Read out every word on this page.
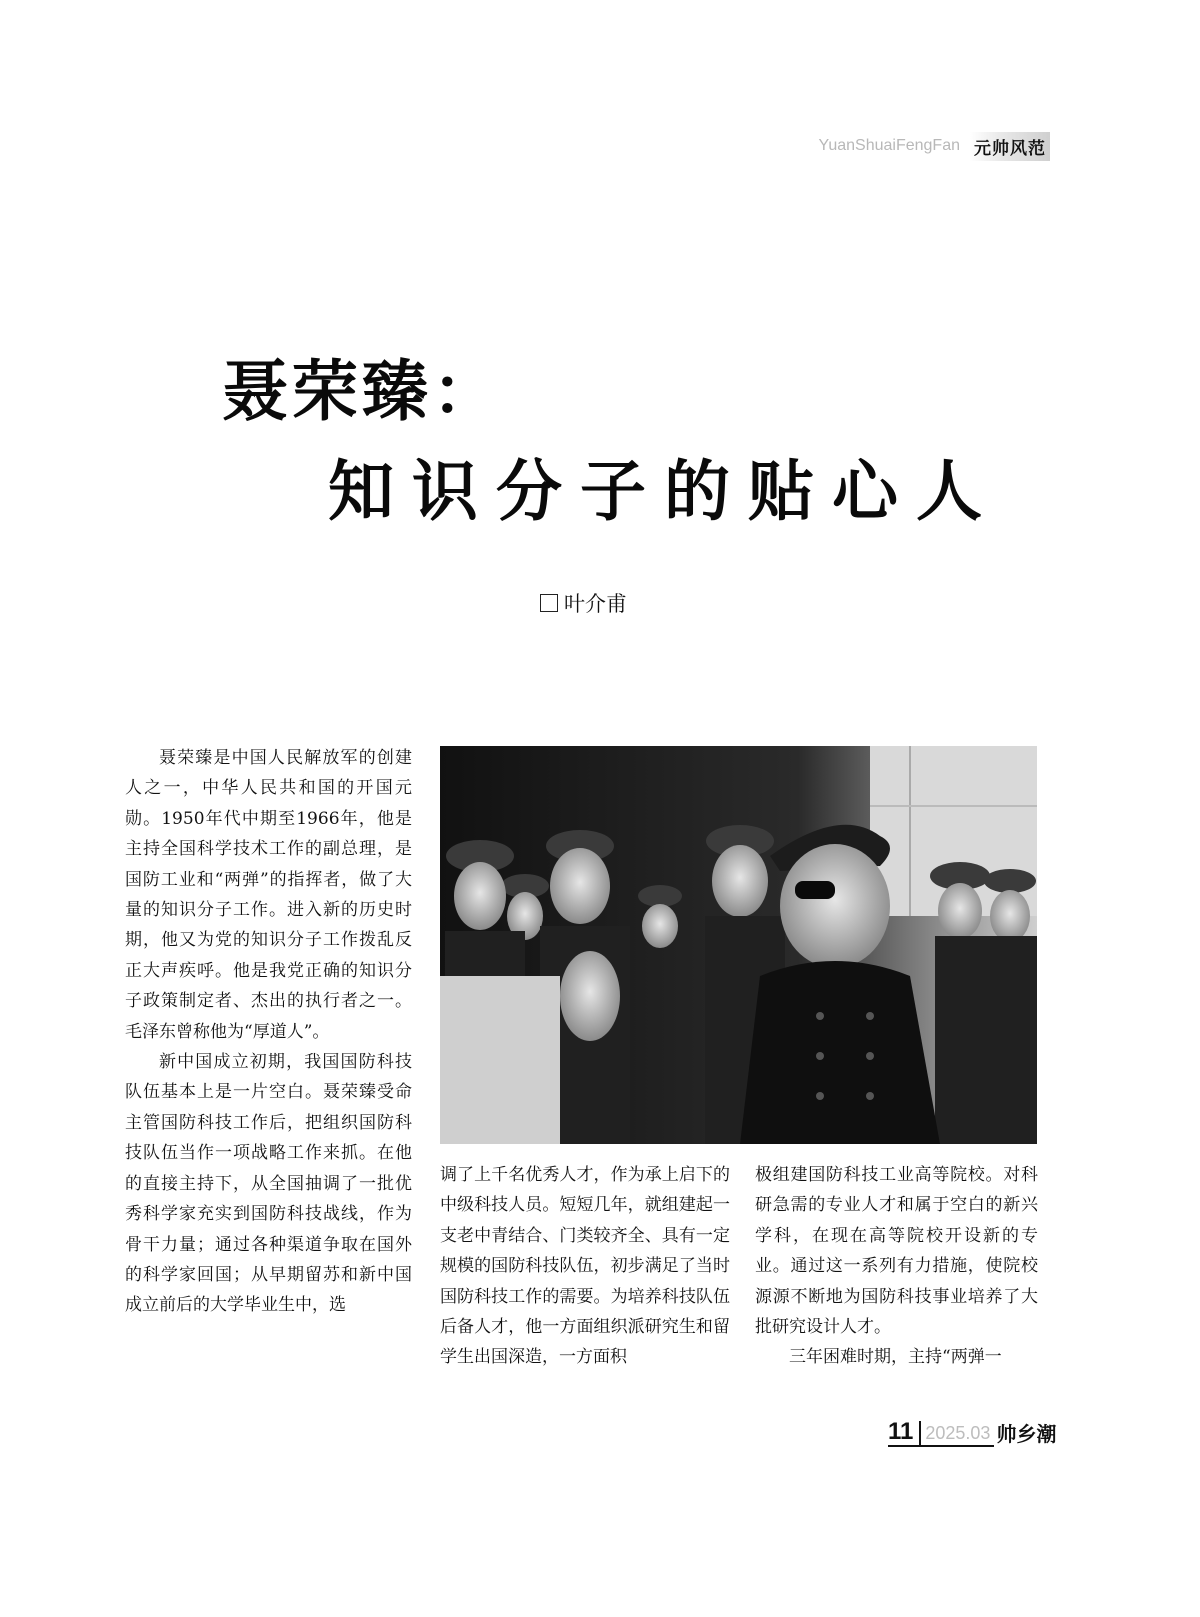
YuanShuaiFengFan 元帅风范
聂荣臻：
知识分子的贴心人
叶介甫

聂荣臻是中国人民解放军的创建人之一，中华人民共和国的开国元勋。1950年代中期至1966年，他是主持全国科学技术工作的副总理，是国防工业和“两弹”的指挥者，做了大量的知识分子工作。进入新的历史时期，他又为党的知识分子工作拨乱反正大声疾呼。他是我党正确的知识分子政策制定者、杰出的执行者之一。毛泽东曾称他为“厚道人”。

新中国成立初期，我国国防科技队伍基本上是一片空白。聂荣臻受命主管国防科技工作后，把组织国防科技队伍当作一项战略工作来抓。在他的直接主持下，从全国抽调了一批优秀科学家充实到国防科技战线，作为骨干力量；通过各种渠道争取在国外的科学家回国；从早期留苏和新中国成立前后的大学毕业生中，选

调了上千名优秀人才，作为承上启下的中级科技人员。短短几年，就组建起一支老中青结合、门类较齐全、具有一定规模的国防科技队伍，初步满足了当时国防科技工作的需要。为培养科技队伍后备人才，他一方面组织派研究生和留学生出国深造，一方面积

极组建国防科技工业高等院校。对科研急需的专业人才和属于空白的新兴学科，在现在高等院校开设新的专业。通过这一系列有力措施，使院校源源不断地为国防科技事业培养了大批研究设计人才。

三年困难时期，主持“两弹一

11 2025.03 帅乡潮
